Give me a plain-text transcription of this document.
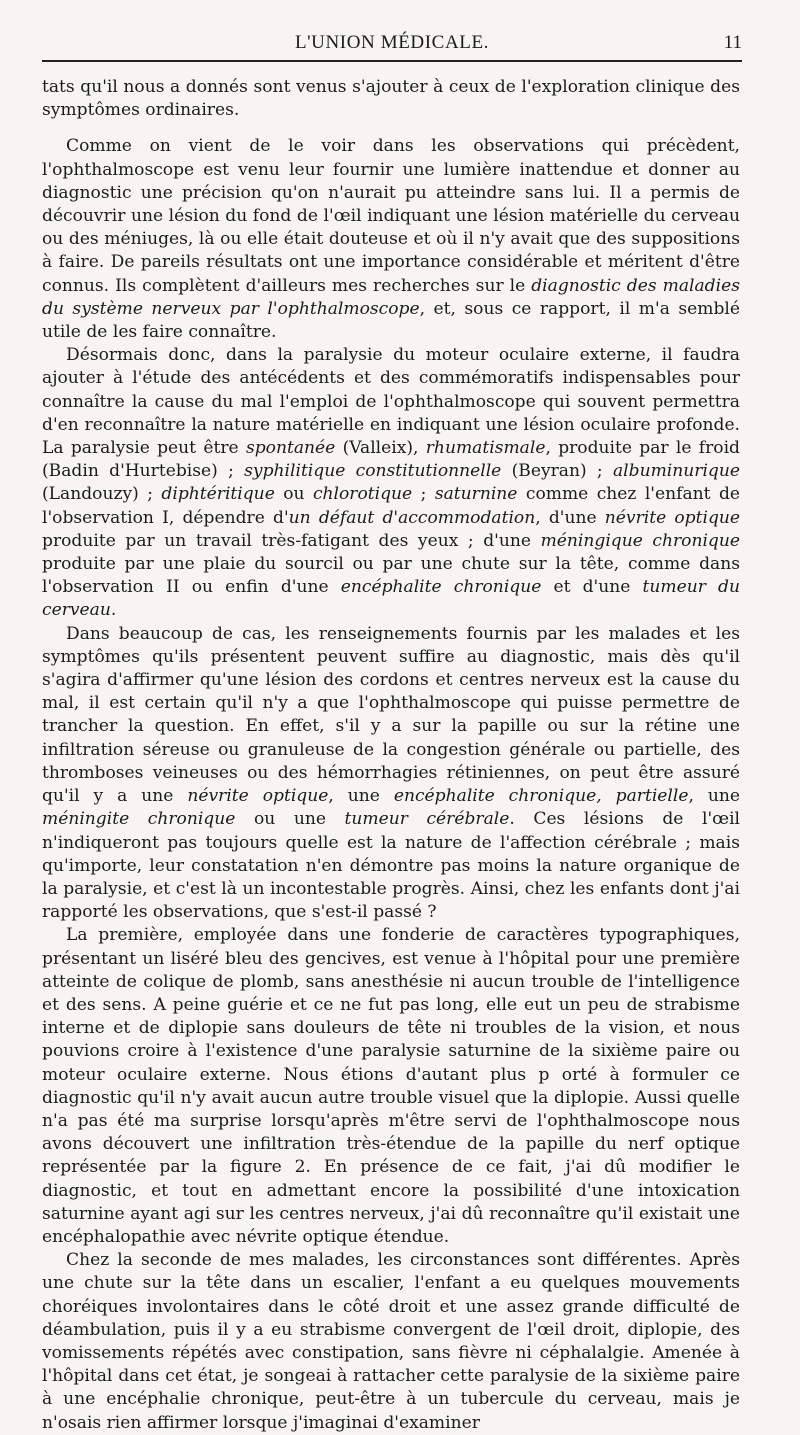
L'UNION MÉDICALE.	11

tats qu'il nous a donnés sont venus s'ajouter à ceux de l'exploration clinique des symptômes ordinaires.

Comme on vient de le voir dans les observations qui précèdent, l'ophthalmoscope est venu leur fournir une lumière inattendue et donner au diagnostic une précision qu'on n'aurait pu atteindre sans lui. Il a permis de découvrir une lésion du fond de l'œil indiquant une lésion matérielle du cerveau ou des méniuges, là ou elle était douteuse et où il n'y avait que des suppositions à faire. De pareils résultats ont une importance considérable et méritent d'être connus. Ils complètent d'ailleurs mes recherches sur le diagnostic des maladies du système nerveux par l'ophthalmoscope, et, sous ce rapport, il m'a semblé utile de les faire connaître.

Désormais donc, dans la paralysie du moteur oculaire externe, il faudra ajouter à l'étude des antécédents et des commémoratifs indispensables pour connaître la cause du mal l'emploi de l'ophthalmoscope qui souvent permettra d'en reconnaître la nature matérielle en indiquant une lésion oculaire profonde. La paralysie peut être spontanée (Valleix), rhumatismale, produite par le froid (Badin d'Hurtebise) ; syphilitique constitutionnelle (Beyran) ; albuminurique (Landouzy) ; diphtéritique ou chlorotique ; saturnine comme chez l'enfant de l'observation I, dépendre d'un défaut d'accommodation, d'une névrite optique produite par un travail très-fatigant des yeux ; d'une méningique chronique produite par une plaie du sourcil ou par une chute sur la tête, comme dans l'observation II ou enfin d'une encéphalite chronique et d'une tumeur du cerveau.

Dans beaucoup de cas, les renseignements fournis par les malades et les symptômes qu'ils présentent peuvent suffire au diagnostic, mais dès qu'il s'agira d'affirmer qu'une lésion des cordons et centres nerveux est la cause du mal, il est certain qu'il n'y a que l'ophthalmoscope qui puisse permettre de trancher la question. En effet, s'il y a sur la papille ou sur la rétine une infiltration séreuse ou granuleuse de la congestion générale ou partielle, des thromboses veineuses ou des hémorrhagies rétiniennes, on peut être assuré qu'il y a une névrite optique, une encéphalite chronique, partielle, une méningite chronique ou une tumeur cérébrale. Ces lésions de l'œil n'indiqueront pas toujours quelle est la nature de l'affection cérébrale ; mais qu'importe, leur constatation n'en démontre pas moins la nature organique de la paralysie, et c'est là un incontestable progrès. Ainsi, chez les enfants dont j'ai rapporté les observations, que s'est-il passé ?

La première, employée dans une fonderie de caractères typographiques, présentant un liséré bleu des gencives, est venue à l'hôpital pour une première atteinte de colique de plomb, sans anesthésie ni aucun trouble de l'intelligence et des sens. A peine guérie et ce ne fut pas long, elle eut un peu de strabisme interne et de diplopie sans douleurs de tête ni troubles de la vision, et nous pouvions croire à l'existence d'une paralysie saturnine de la sixième paire ou moteur oculaire externe. Nous étions d'autant plus p orté à formuler ce diagnostic qu'il n'y avait aucun autre trouble visuel que la diplopie. Aussi quelle n'a pas été ma surprise lorsqu'après m'être servi de l'ophthalmoscope nous avons découvert une infiltration très-étendue de la papille du nerf optique représentée par la figure 2. En présence de ce fait, j'ai dû modifier le diagnostic, et tout en admettant encore la possibilité d'une intoxication saturnine ayant agi sur les centres nerveux, j'ai dû reconnaître qu'il existait une encéphalopathie avec névrite optique étendue.

Chez la seconde de mes malades, les circonstances sont différentes. Après une chute sur la tête dans un escalier, l'enfant a eu quelques mouvements choréiques involontaires dans le côté droit et une assez grande difficulté de déambulation, puis il y a eu strabisme convergent de l'œil droit, diplopie, des vomissements répétés avec constipation, sans fièvre ni céphalalgie. Amenée à l'hôpital dans cet état, je songeai à rattacher cette paralysie de la sixième paire à une encéphalie chronique, peut-être à un tubercule du cerveau, mais je n'osais rien affirmer lorsque j'imaginai d'examiner
